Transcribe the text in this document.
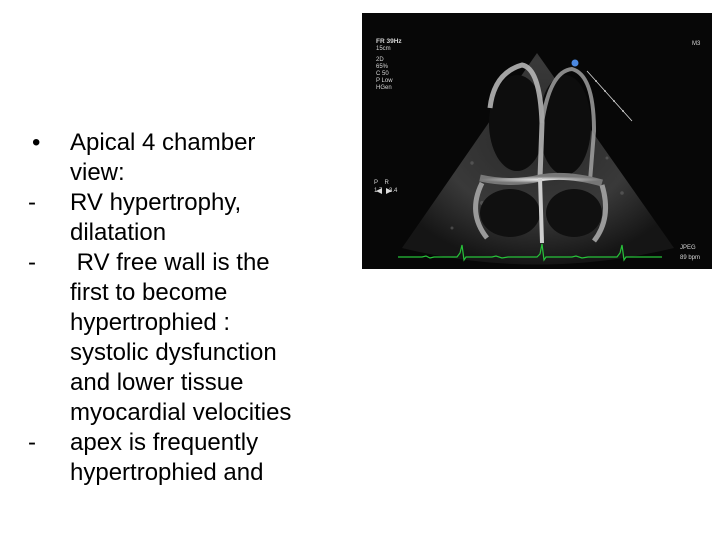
•	Apical 4 chamber
view:
-	RV hypertrophy,
dilatation
-	RV free wall is the
first to become
hypertrophied :
systolic dysfunction
and lower tissue
myocardial velocities
-	apex is frequently
hypertrophied and
FR 39Hz
15cm
2D
65%
C 50
P Low
HGen
M3
P    R
1.7    3.4
JPEG
89 bpm
